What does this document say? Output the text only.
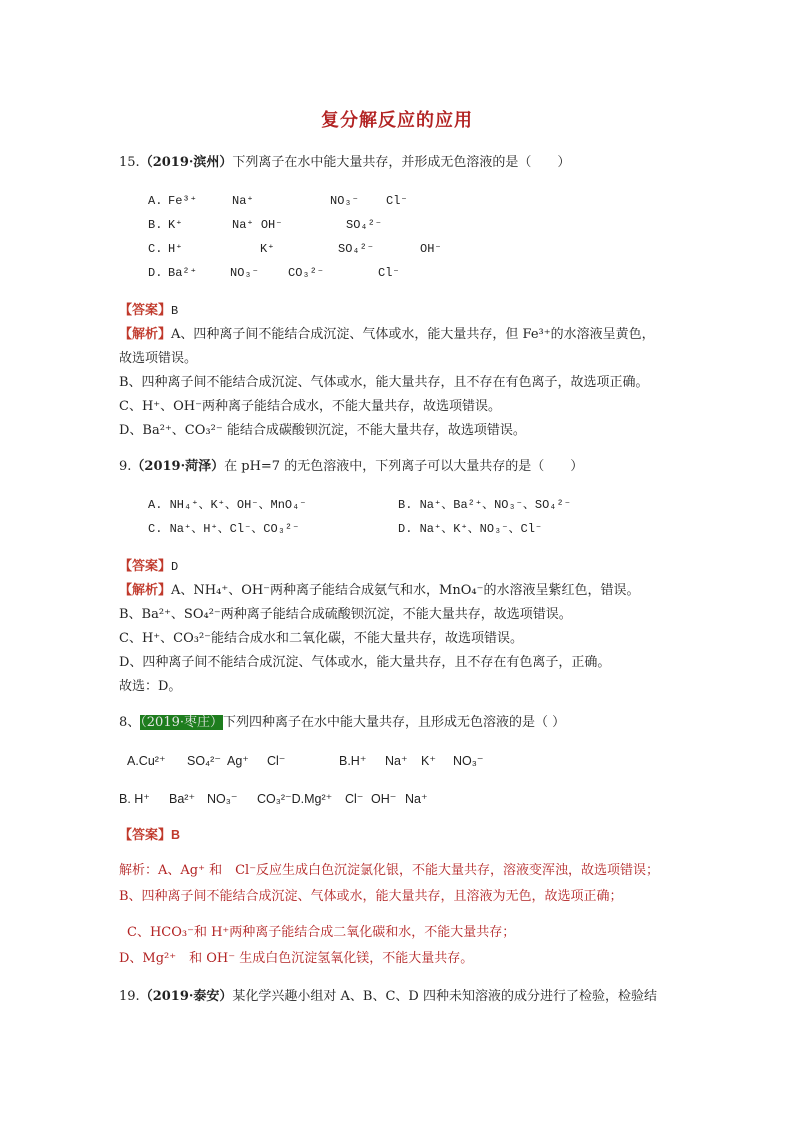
复分解反应的应用
15.（2019·滨州）下列离子在水中能大量共存，并形成无色溶液的是（　　）
A. Fe³⁺	Na⁺	NO₃⁻ Cl⁻
B. K⁺	Na⁺ OH⁻	SO₄²⁻
C. H⁺	K⁺	SO₄²⁻	OH⁻
D. Ba²⁺	NO₃⁻ CO₃²⁻	Cl⁻
【答案】B
【解析】A、四种离子间不能结合成沉淀、气体或水，能大量共存，但 Fe³⁺的水溶液呈黄色，
故选项错误。
B、四种离子间不能结合成沉淀、气体或水，能大量共存，且不存在有色离子，故选项正确。
C、H⁺、OH⁻两种离子能结合成水，不能大量共存，故选项错误。
D、Ba²⁺、CO₃²⁻ 能结合成碳酸钡沉淀，不能大量共存，故选项错误。
9.（2019·菏泽）在 pH=7 的无色溶液中，下列离子可以大量共存的是（　　）
A. NH₄⁺、K⁺、OH⁻、MnO₄⁻	B. Na⁺、Ba²⁺、NO₃⁻、SO₄²⁻
C. Na⁺、H⁺、Cl⁻、CO₃²⁻	D. Na⁺、K⁺、NO₃⁻、Cl⁻
【答案】D
【解析】A、NH₄⁺、OH⁻两种离子能结合成氨气和水，MnO₄⁻的水溶液呈紫红色，错误。
B、Ba²⁺、SO₄²⁻两种离子能结合成硫酸钡沉淀，不能大量共存，故选项错误。
C、H⁺、CO₃²⁻能结合成水和二氧化碳，不能大量共存，故选项错误。
D、四种离子间不能结合成沉淀、气体或水，能大量共存，且不存在有色离子，正确。
故选：D。
8、（2019·枣庄）下列四种离子在水中能大量共存，且形成无色溶液的是（ ）
A.Cu²⁺ SO₄²⁻ Ag⁺ Cl⁻	B.H⁺ Na⁺ K⁺ NO₃⁻
B. H⁺ Ba²⁺ NO₃⁻ CO₃²⁻D.Mg²⁺ Cl⁻ OH⁻ Na⁺
【答案】B
解析：A、Ag⁺ 和　Cl⁻反应生成白色沉淀氯化银，不能大量共存，溶液变浑浊，故选项错误；
B、四种离子间不能结合成沉淀、气体或水，能大量共存，且溶液为无色，故选项正确；
C、HCO₃⁻和 H⁺两种离子能结合成二氧化碳和水，不能大量共存；
D、Mg²⁺　和 OH⁻ 生成白色沉淀氢氧化镁，不能大量共存。
19.（2019·泰安）某化学兴趣小组对 A、B、C、D 四种未知溶液的成分进行了检验，检验结
